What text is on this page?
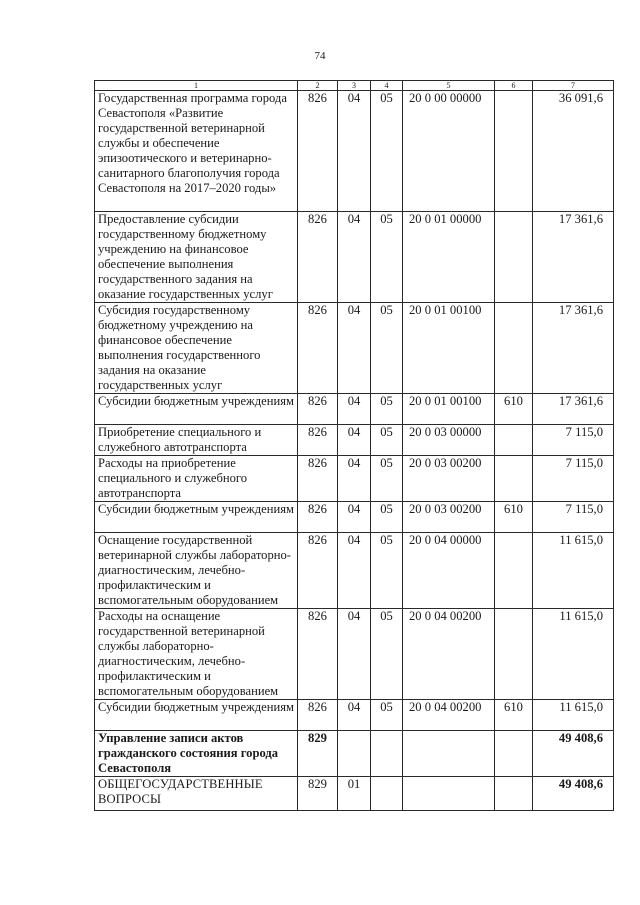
74
1	2	3	4	5	6	7
Государственная программа города Севастополя «Развитие государственной ветеринарной службы и обеспечение эпизоотического и ветеринарно-санитарного благополучия города Севастополя на 2017–2020 годы»	826	04	05	20 0 00 00000		36 091,6
Предоставление субсидии государственному бюджетному учреждению на финансовое обеспечение выполнения государственного задания на оказание государственных услуг	826	04	05	20 0 01 00000		17 361,6
Субсидия государственному бюджетному учреждению на финансовое обеспечение выполнения государственного задания на оказание государственных услуг	826	04	05	20 0 01 00100		17 361,6
Субсидии бюджетным учреждениям	826	04	05	20 0 01 00100	610	17 361,6
Приобретение специального и служебного автотранспорта	826	04	05	20 0 03 00000		7 115,0
Расходы на приобретение специального и служебного автотранспорта	826	04	05	20 0 03 00200		7 115,0
Субсидии бюджетным учреждениям	826	04	05	20 0 03 00200	610	7 115,0
Оснащение государственной ветеринарной службы лабораторно-диагностическим, лечебно-профилактическим и вспомогательным оборудованием	826	04	05	20 0 04 00000		11 615,0
Расходы на оснащение государственной ветеринарной службы лабораторно-диагностическим, лечебно-профилактическим и вспомогательным оборудованием	826	04	05	20 0 04 00200		11 615,0
Субсидии бюджетным учреждениям	826	04	05	20 0 04 00200	610	11 615,0
Управление записи актов гражданского состояния города Севастополя	829					49 408,6
ОБЩЕГОСУДАРСТВЕННЫЕ ВОПРОСЫ	829	01				49 408,6
